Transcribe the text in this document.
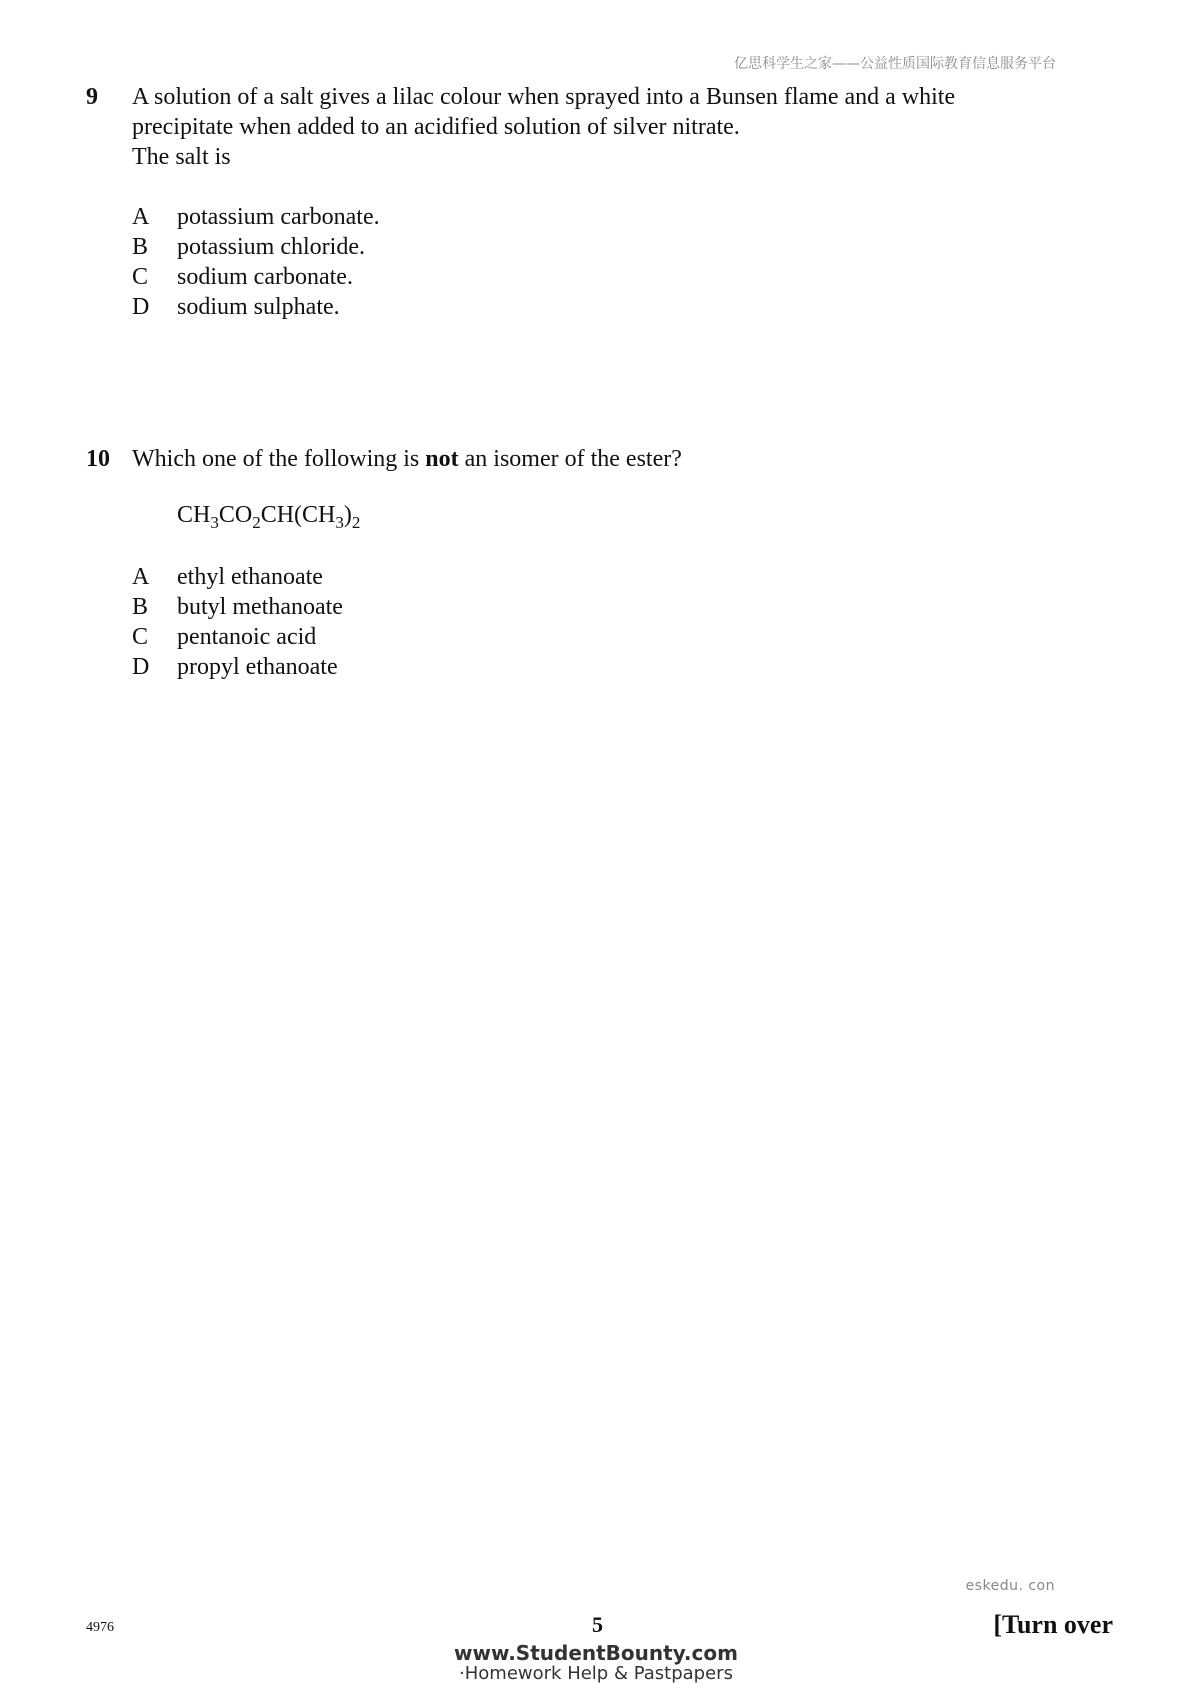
亿思科学生之家——公益性质国际教育信息服务平台
9 A solution of a salt gives a lilac colour when sprayed into a Bunsen flame and a white

precipitate when added to an acidified solution of silver nitrate.

The salt is

A	potassium carbonate.
B	potassium chloride.
C	sodium carbonate.
D	sodium sulphate.
10 Which one of the following is not an isomer of the ester?

$CH_3CO_2CH(CH_3)_2$
A	ethyl ethanoate
B	butyl methanoate
C	pentanoic acid
D	propyl ethanoate
eskedu. con
4976	5	[Turn over
www.StudentBounty.com
·Homework Help & Pastpapers
